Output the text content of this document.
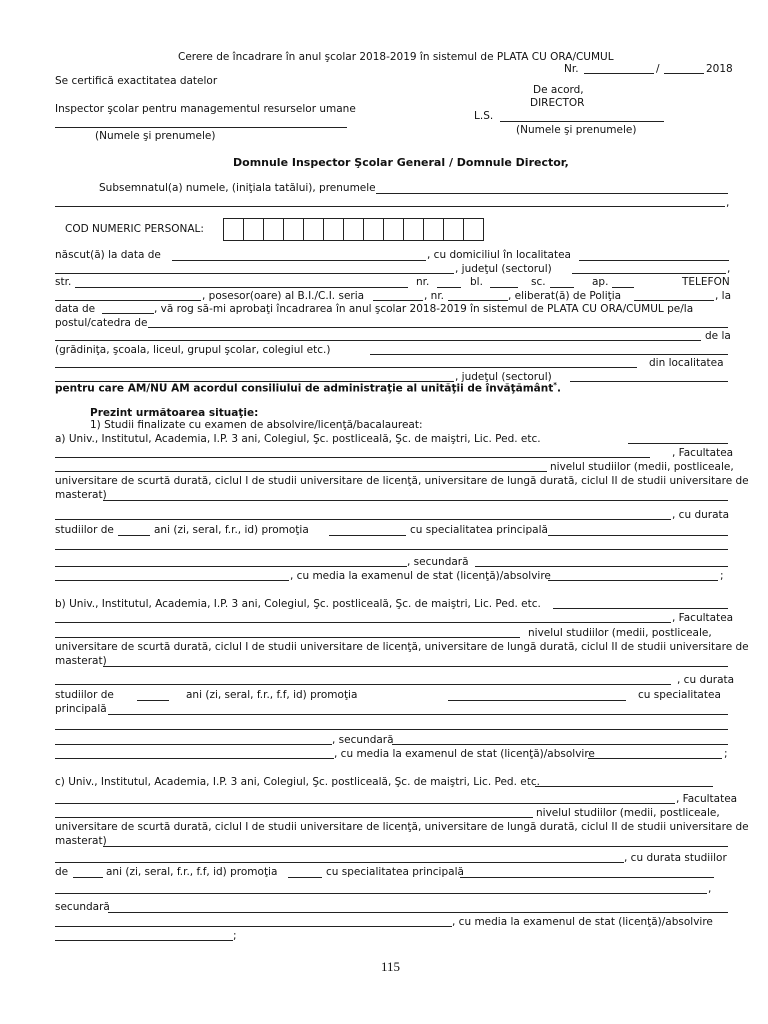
Cerere de încadrare în anul şcolar 2018-2019 în sistemul de PLATA CU ORA/CUMUL
Nr.	/	2018
Se certifică exactitatea datelor
De acord,
DIRECTOR
Inspector şcolar pentru managementul resurselor umane
L.S.
(Numele şi prenumele)
(Numele şi prenumele)
Domnule Inspector Şcolar General / Domnule Director,
Subsemnatul(a) numele, (iniţiala tatălui), prenumele
,
COD NUMERIC PERSONAL:
născut(ă) la data de	, cu domiciliul în localitatea
, judeţul (sectorul)	,
str.	nr.	bl.	sc.	ap.	TELEFON
, posesor(oare) al B.I./C.I. seria	, nr.	, eliberat(ă) de Poliţia	, la
data de	, vă rog să-mi aprobaţi încadrarea în anul şcolar 2018-2019 în sistemul de PLATA CU ORA/CUMUL pe/la
postul/catedra de
de la
(grădiniţa, şcoala, liceul, grupul şcolar, colegiul etc.)
din localitatea
, judeţul (sectorul)
pentru care AM/NU AM acordul consiliului de administraţie al unităţii de învăţământ*.
Prezint următoarea situaţie:
1) Studii finalizate cu examen de absolvire/licenţă/bacalaureat:
a) Univ., Institutul, Academia, I.P. 3 ani, Colegiul, Şc. postliceală, Şc. de maiştri, Lic. Ped. etc.
, Facultatea
nivelul studiilor (medii, postliceale,
universitare de scurtă durată, ciclul I de studii universitare de licenţă, universitare de lungă durată, ciclul II de studii universitare de
masterat)
, cu durata
studiilor de	ani (zi, seral, f.r., id) promoţia	cu specialitatea principală
, secundară
, cu media la examenul de stat (licenţă)/absolvire	;
b) Univ., Institutul, Academia, I.P. 3 ani, Colegiul, Şc. postliceală, Şc. de maiştri, Lic. Ped. etc.
, Facultatea
nivelul studiilor (medii, postliceale,
universitare de scurtă durată, ciclul I de studii universitare de licenţă, universitare de lungă durată, ciclul II de studii universitare de
masterat)
, cu durata
studiilor de	ani (zi, seral, f.r., f.f, id) promoţia	cu specialitatea
principală
, secundară
, cu media la examenul de stat (licenţă)/absolvire	;
c) Univ., Institutul, Academia, I.P. 3 ani, Colegiul, Şc. postliceală, Şc. de maiştri, Lic. Ped. etc.
, Facultatea
nivelul studiilor (medii, postliceale,
universitare de scurtă durată, ciclul I de studii universitare de licenţă, universitare de lungă durată, ciclul II de studii universitare de
masterat)
, cu durata studiilor
de	ani (zi, seral, f.r., f.f, id) promoţia	cu specialitatea principală
,
secundară
, cu media la examenul de stat (licenţă)/absolvire
;
115
